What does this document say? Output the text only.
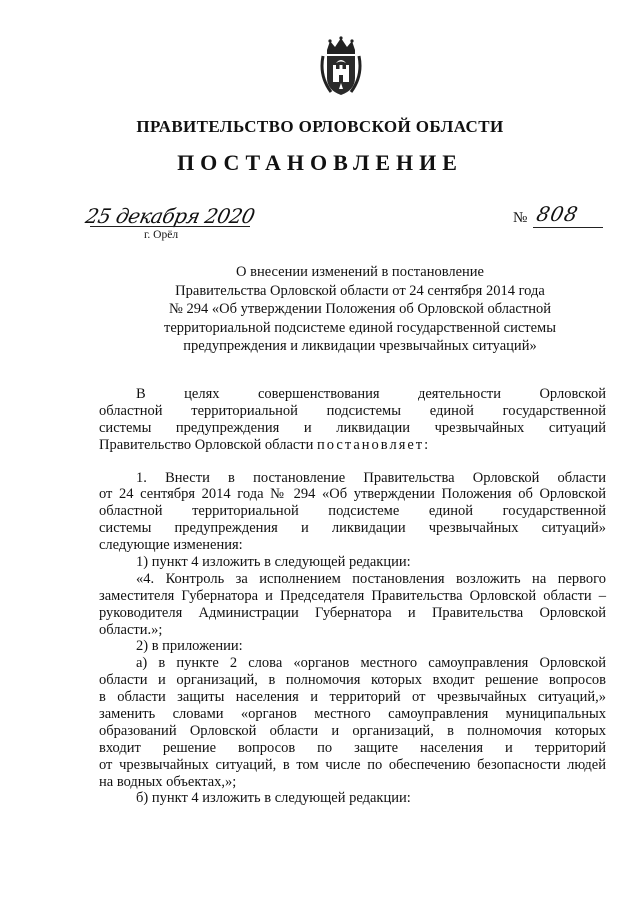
ПРАВИТЕЛЬСТВО ОРЛОВСКОЙ ОБЛАСТИ
ПОСТАНОВЛЕНИЕ
25 декабря 2020
г. Орёл
№ 808
О внесении изменений в постановление
Правительства Орловской области от 24 сентября 2014 года
№ 294 «Об утверждении Положения об Орловской областной
территориальной подсистеме единой государственной системы
предупреждения и ликвидации чрезвычайных ситуаций»
В целях совершенствования деятельности Орловской
областной территориальной подсистемы единой государственной
системы предупреждения и ликвидации чрезвычайных ситуаций
Правительство Орловской области постановляет:
1. Внести в постановление Правительства Орловской области
от 24 сентября 2014 года № 294 «Об утверждении Положения об Орловской
областной территориальной подсистеме единой государственной
системы предупреждения и ликвидации чрезвычайных ситуаций»
следующие изменения:
1) пункт 4 изложить в следующей редакции:
«4. Контроль за исполнением постановления возложить на первого
заместителя Губернатора и Председателя Правительства Орловской области –
руководителя Администрации Губернатора и Правительства Орловской
области.»;
2) в приложении:
а) в пункте 2 слова «органов местного самоуправления Орловской
области и организаций, в полномочия которых входит решение вопросов
в области защиты населения и территорий от чрезвычайных ситуаций,»
заменить словами «органов местного самоуправления муниципальных
образований Орловской области и организаций, в полномочия которых
входит решение вопросов по защите населения и территорий
от чрезвычайных ситуаций, в том числе по обеспечению безопасности людей
на водных объектах,»;
б) пункт 4 изложить в следующей редакции:
